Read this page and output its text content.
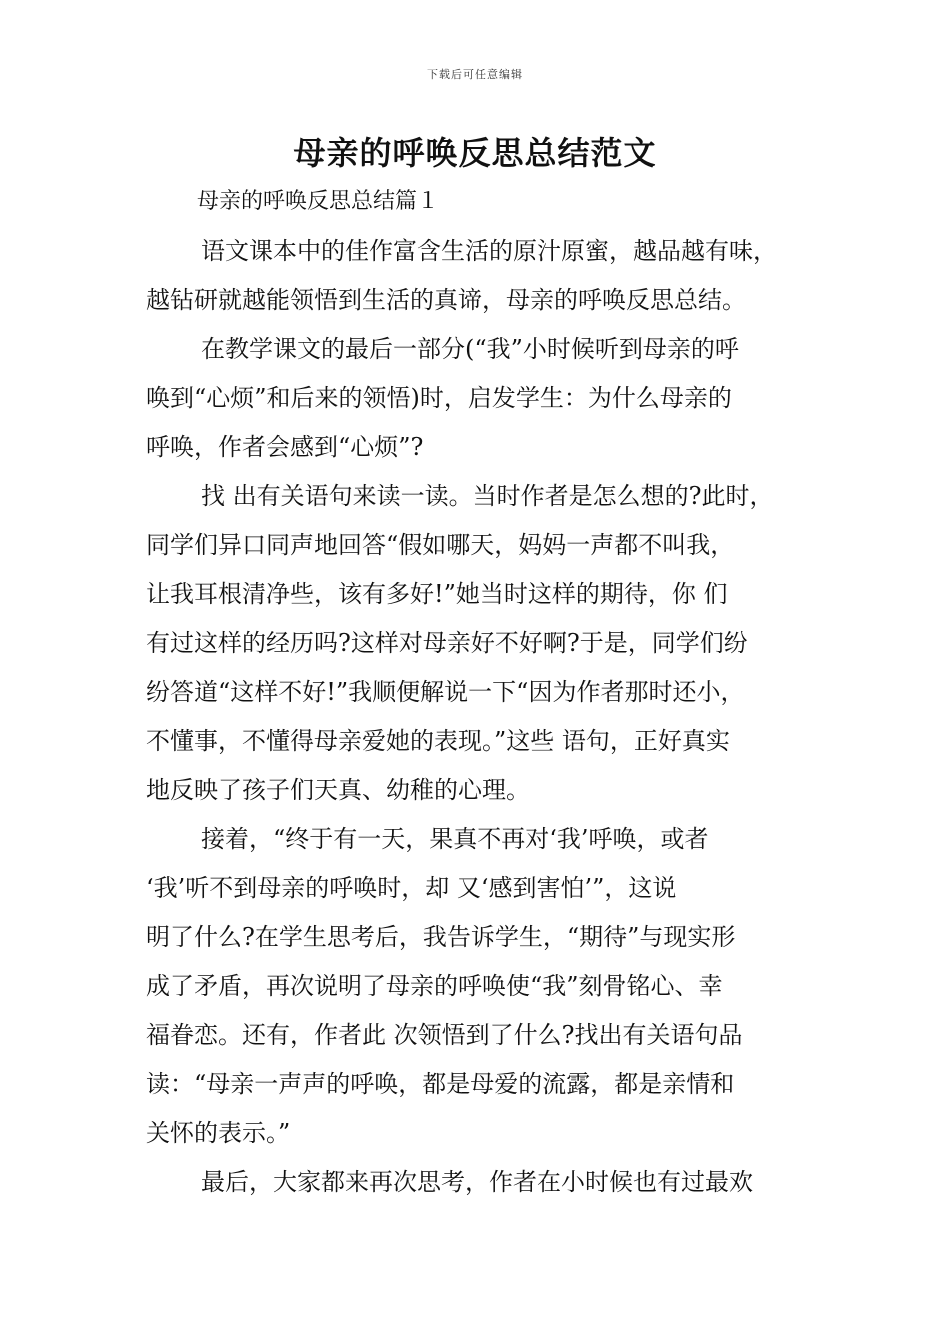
下载后可任意编辑
母亲的呼唤反思总结范文

母亲的呼唤反思总结篇１

语文课本中的佳作富含生活的原汁原蜜，越品越有味，
越钻研就越能领悟到生活的真谛，母亲的呼唤反思总结。

在教学课文的最后一部分(“我”小时候听到母亲的呼
唤到“心烦”和后来的领悟)时，启发学生：为什么母亲的
呼唤，作者会感到“心烦”?

找 出有关语句来读一读。当时作者是怎么想的?此时，
同学们异口同声地回答“假如哪天，妈妈一声都不叫我，
让我耳根清净些，该有多好!”她当时这样的期待，你 们
有过这样的经历吗?这样对母亲好不好啊?于是，同学们纷
纷答道“这样不好!”我顺便解说一下“因为作者那时还小，
不懂事，不懂得母亲爱她的表现。”这些 语句，正好真实
地反映了孩子们天真、幼稚的心理。

接着，“终于有一天，果真不再对‘我’呼唤，或者
‘我’听不到母亲的呼唤时，却 又‘感到害怕’”，这说
明了什么?在学生思考后，我告诉学生，“期待”与现实形
成了矛盾，再次说明了母亲的呼唤使“我”刻骨铭心、幸
福眷恋。还有，作者此 次领悟到了什么?找出有关语句品
读：“母亲一声声的呼唤，都是母爱的流露，都是亲情和
关怀的表示。”

最后，大家都来再次思考，作者在小时候也有过最欢
